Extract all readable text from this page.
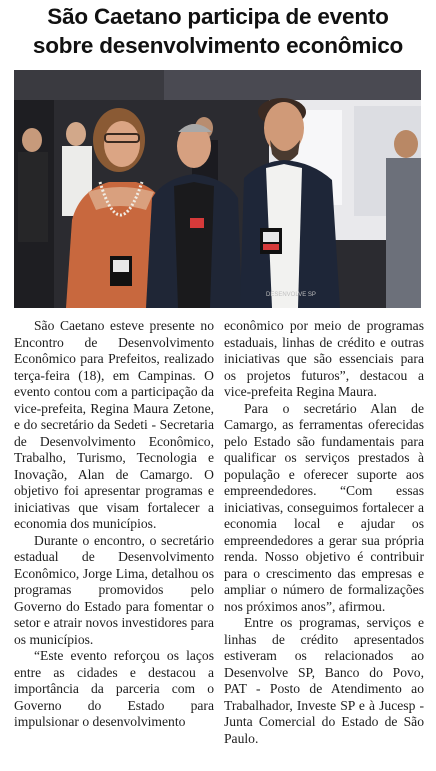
São Caetano participa de evento
sobre desenvolvimento econômico
DESENVOLVE SP

São Caetano esteve presente no Encontro de Desenvolvimento Econômico para Prefeitos, realizado terça-feira (18), em Campinas. O evento contou com a participação da vice-prefeita, Regina Maura Zetone, e do secretário da Sedeti - Secretaria de Desenvolvimento Econômico, Trabalho, Turismo, Tecnologia e Inovação, Alan de Camargo. O objetivo foi apresentar programas e iniciativas que visam fortalecer a economia dos municípios.

Durante o encontro, o secretário estadual de Desenvolvimento Econômico, Jorge Lima, detalhou os programas promovidos pelo Governo do Estado para fomentar o setor e atrair novos investidores para os municípios.

“Este evento reforçou os laços entre as cidades e destacou a importância da parceria com o Governo do Estado para impulsionar o desenvolvimento

econômico por meio de programas estaduais, linhas de crédito e outras iniciativas que são essenciais para os projetos futuros”, destacou a vice-prefeita Regina Maura.

Para o secretário Alan de Camargo, as ferramentas oferecidas pelo Estado são fundamentais para qualificar os serviços prestados à população e oferecer suporte aos empreendedores. “Com essas iniciativas, conseguimos fortalecer a economia local e ajudar os empreendedores a gerar sua própria renda. Nosso objetivo é contribuir para o crescimento das empresas e ampliar o número de formalizações nos próximos anos”, afirmou.

Entre os programas, serviços e linhas de crédito apresentados estiveram os relacionados ao Desenvolve SP, Banco do Povo, PAT - Posto de Atendimento ao Trabalhador, Investe SP e à Jucesp - Junta Comercial do Estado de São Paulo.
